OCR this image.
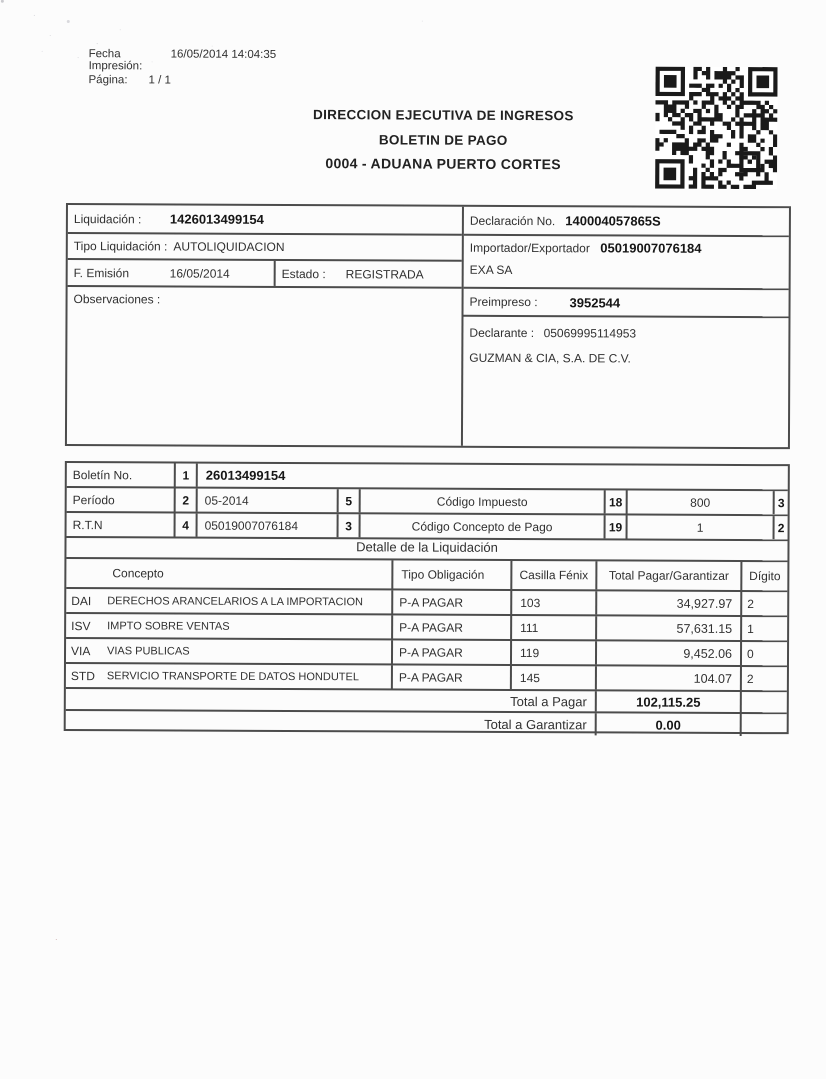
Fecha Impresión:
16/05/2014 14:04:35
Página:	1 / 1
DIRECCION EJECUTIVA DE INGRESOS
BOLETIN DE PAGO
0004 - ADUANA PUERTO CORTES
Liquidación :	1426013499154
Tipo Liquidación : AUTOLIQUIDACION
F. Emisión	16/05/2014	Estado :	REGISTRADA
Observaciones :
Declaración No. 140004057865S
Importador/Exportador 05019007076184
EXA SA
Preimpreso :	3952544
Declarante : 05069995114953
GUZMAN & CIA, S.A. DE C.V.
Boletín No.	1	26013499154
Período	2	05-2014	5	Código Impuesto	18	800	3
R.T.N	4	05019007076184	3	Código Concepto de Pago	19	1	2
Detalle de la Liquidación
Concepto	Tipo Obligación	Casilla Fénix	Total Pagar/Garantizar	Dígito
DAI	DERECHOS ARANCELARIOS A LA IMPORTACION	P-A PAGAR	103	34,927.97	2
ISV	IMPTO SOBRE VENTAS	P-A PAGAR	111	57,631.15	1
VIA	VIAS PUBLICAS	P-A PAGAR	119	9,452.06	0
STD	SERVICIO TRANSPORTE DE DATOS HONDUTEL	P-A PAGAR	145	104.07	2
Total a Pagar	102,115.25
Total a Garantizar	0.00
